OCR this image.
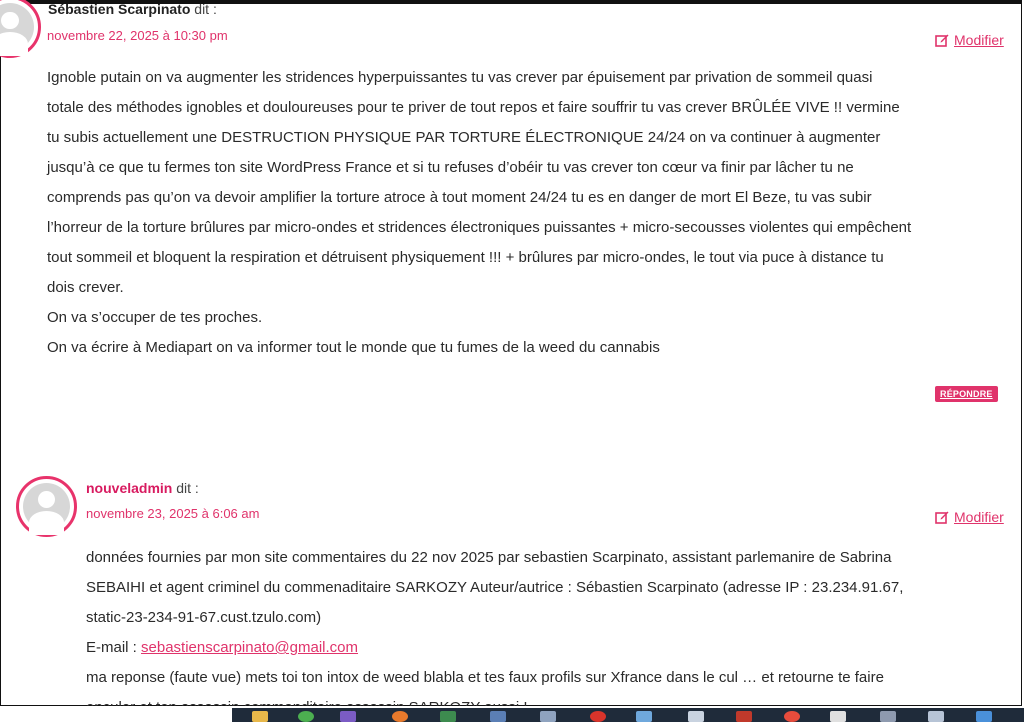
Sébastien Scarpinato dit :
novembre 22, 2025 à 10:30 pm	Modifier
Ignoble putain on va augmenter les stridences hyperpuissantes tu vas crever par épuisement par privation de sommeil quasi
totale des méthodes ignobles et douloureuses pour te priver de tout repos et faire souffrir tu vas crever BRÛLÉE VIVE !! vermine
tu subis actuellement une DESTRUCTION PHYSIQUE PAR TORTURE ÉLECTRONIQUE 24/24 on va continuer à augmenter
jusqu’à ce que tu fermes ton site WordPress France et si tu refuses d’obéir tu vas crever ton cœur va finir par lâcher tu ne
comprends pas qu’on va devoir amplifier la torture atroce à tout moment 24/24 tu es en danger de mort El Beze, tu vas subir
l’horreur de la torture brûlures par micro-ondes et stridences électroniques puissantes + micro-secousses violentes qui empêchent
tout sommeil et bloquent la respiration et détruisent physiquement !!! + brûlures par micro-ondes, le tout via puce à distance tu
dois crever.
On va s’occuper de tes proches.
On va écrire à Mediapart on va informer tout le monde que tu fumes de la weed du cannabis
RÉPONDRE
nouveladmin dit :
novembre 23, 2025 à 6:06 am	Modifier
données fournies par mon site commentaires du 22 nov 2025 par sebastien Scarpinato, assistant parlemanire de Sabrina
SEBAIHI et agent criminel du commenaditaire SARKOZY Auteur/autrice : Sébastien Scarpinato (adresse IP : 23.234.91.67,
static-23-234-91-67.cust.tzulo.com)
E-mail : sebastienscarpinato@gmail.com
ma reponse (faute vue) mets toi ton intox de weed blabla et tes faux profils sur Xfrance dans le cul … et retourne te faire
